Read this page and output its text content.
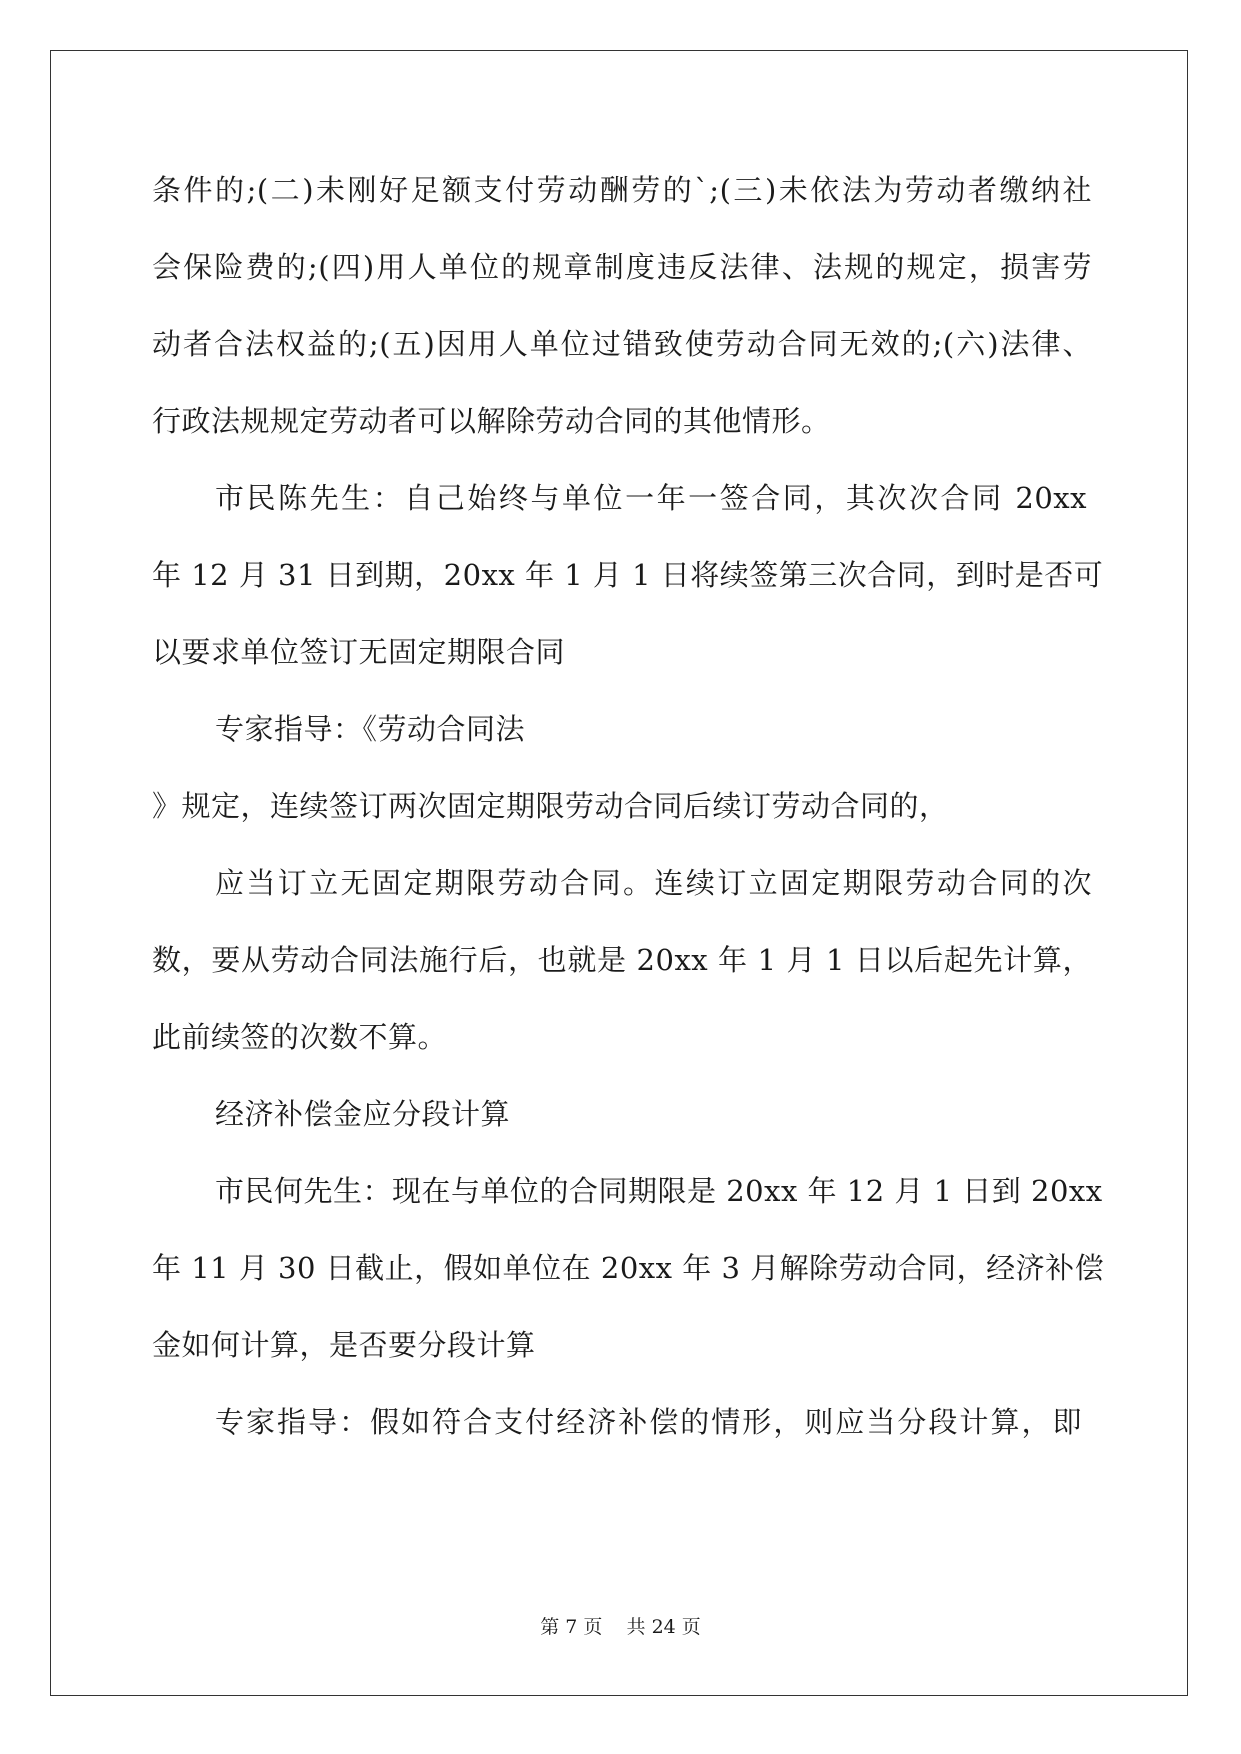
条件的;(二)未刚好足额支付劳动酬劳的`;(三)未依法为劳动者缴纳社
会保险费的;(四)用人单位的规章制度违反法律、法规的规定，损害劳
动者合法权益的;(五)因用人单位过错致使劳动合同无效的;(六)法律、
行政法规规定劳动者可以解除劳动合同的其他情形。
市民陈先生：自己始终与单位一年一签合同，其次次合同 20xx
年 12 月 31 日到期，20xx 年 1 月 1 日将续签第三次合同，到时是否可
以要求单位签订无固定期限合同
专家指导：《劳动合同法
》规定，连续签订两次固定期限劳动合同后续订劳动合同的，
应当订立无固定期限劳动合同。连续订立固定期限劳动合同的次
数，要从劳动合同法施行后，也就是 20xx 年 1 月 1 日以后起先计算，
此前续签的次数不算。
经济补偿金应分段计算
市民何先生：现在与单位的合同期限是 20xx 年 12 月 1 日到 20xx
年 11 月 30 日截止，假如单位在 20xx 年 3 月解除劳动合同，经济补偿
金如何计算，是否要分段计算
专家指导：假如符合支付经济补偿的情形，则应当分段计算，即
第 7 页    共 24 页
